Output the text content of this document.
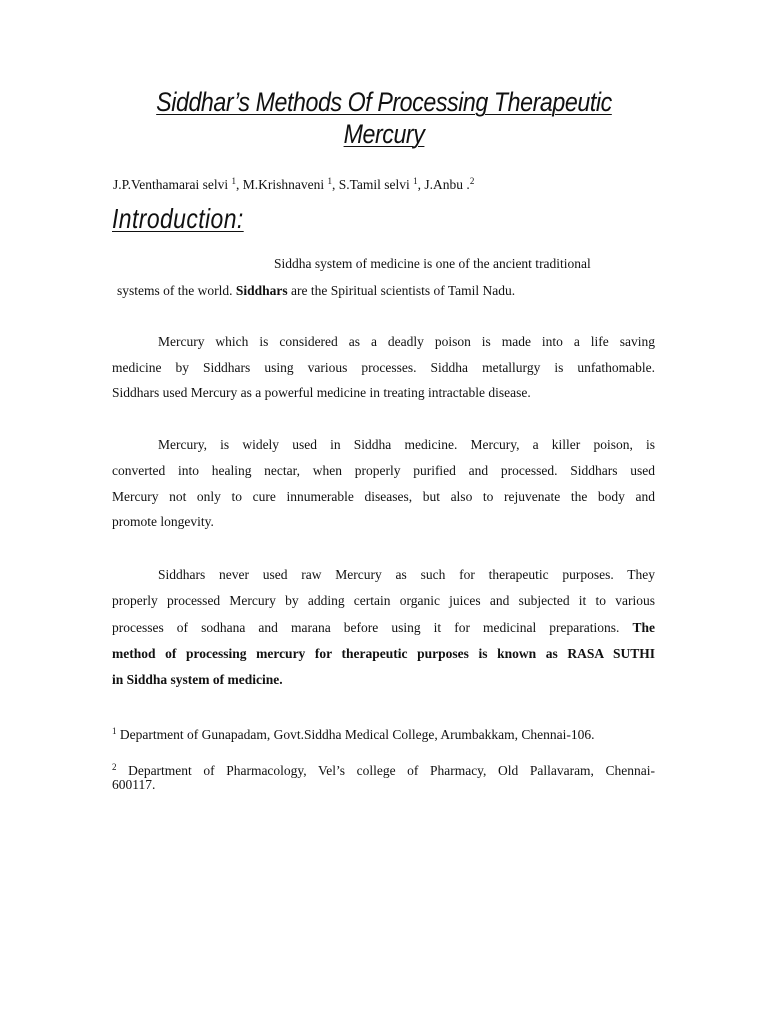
Siddhar’s Methods Of Processing Therapeutic
Mercury
J.P.Venthamarai selvi $^1$, M.Krishnaveni $^1$, S.Tamil selvi $^1$, J.Anbu .$^2$
Introduction:
Siddha system of medicine is one of the ancient traditional
systems of the world. Siddhars are the Spiritual scientists of Tamil Nadu.
Mercury which is considered as a deadly poison is made into a life saving
medicine by Siddhars using various processes. Siddha metallurgy is unfathomable.
Siddhars used Mercury as a powerful medicine in treating intractable disease.
Mercury, is widely used in Siddha medicine. Mercury, a killer poison, is
converted into healing nectar, when properly purified and processed. Siddhars used
Mercury not only to cure innumerable diseases, but also to rejuvenate the body and
promote longevity.
Siddhars never used raw Mercury as such for therapeutic purposes. They
properly processed Mercury by adding certain organic juices and subjected it to various
processes of sodhana and marana before using it for medicinal preparations. The
method of processing mercury for therapeutic purposes is known as RASA SUTHI
in Siddha system of medicine.
$^1$ Department of Gunapadam, Govt.Siddha Medical College, Arumbakkam, Chennai-106.
$^2$ Department of Pharmacology, Vel’s college of Pharmacy, Old Pallavaram, Chennai-
600117.
